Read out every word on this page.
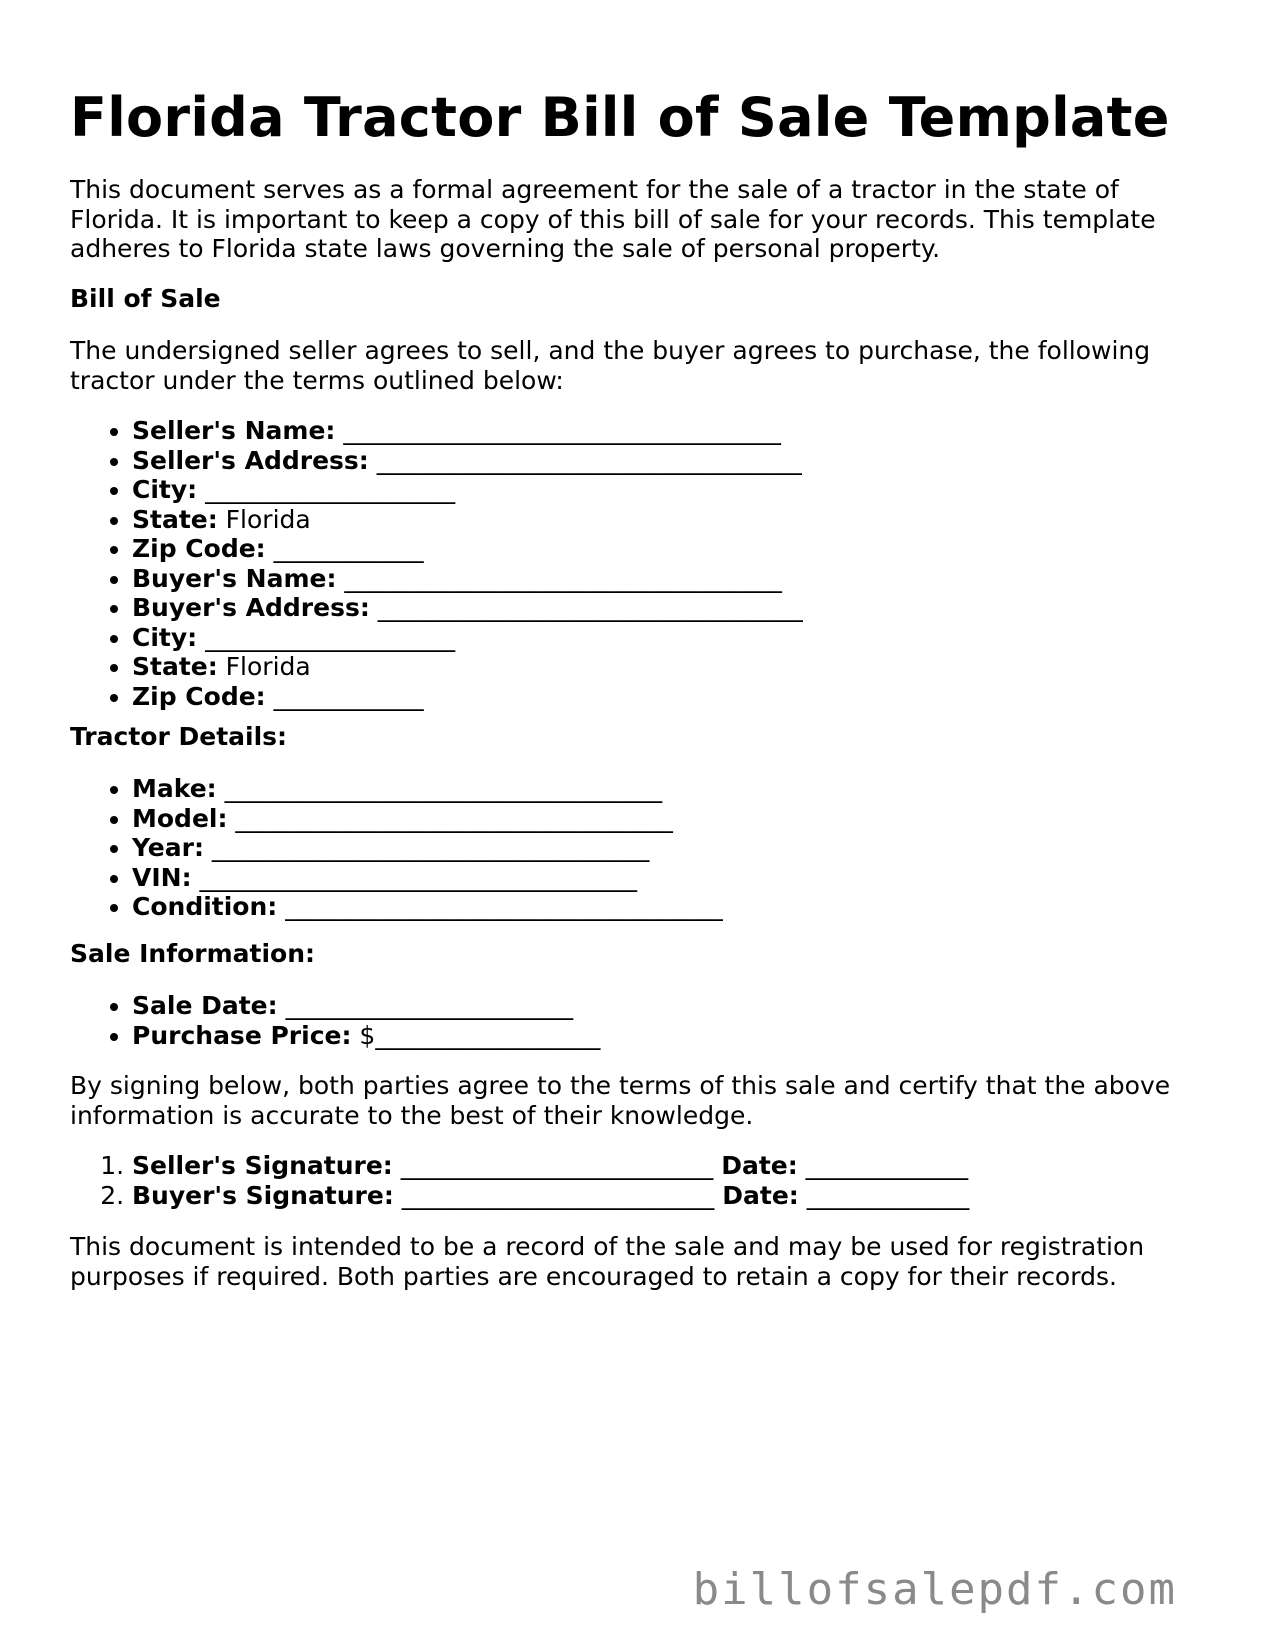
Florida Tractor Bill of Sale Template

This document serves as a formal agreement for the sale of a tractor in the state of
Florida. It is important to keep a copy of this bill of sale for your records. This template
adheres to Florida state laws governing the sale of personal property.

Bill of Sale

The undersigned seller agrees to sell, and the buyer agrees to purchase, the following
tractor under the terms outlined below:

• Seller's Name: ___________________________________
• Seller's Address: __________________________________
• City: ____________________
• State: Florida
• Zip Code: ____________
• Buyer's Name: ___________________________________
• Buyer's Address: __________________________________
• City: ____________________
• State: Florida
• Zip Code: ____________

Tractor Details:

• Make: ___________________________________
• Model: ___________________________________
• Year: ___________________________________
• VIN: ___________________________________
• Condition: ___________________________________

Sale Information:

• Sale Date: _______________________
• Purchase Price: $__________________

By signing below, both parties agree to the terms of this sale and certify that the above
information is accurate to the best of their knowledge.

1. Seller's Signature: _________________________ Date: _____________
2. Buyer's Signature: _________________________ Date: _____________

This document is intended to be a record of the sale and may be used for registration
purposes if required. Both parties are encouraged to retain a copy for their records.

billofsalepdf.com
